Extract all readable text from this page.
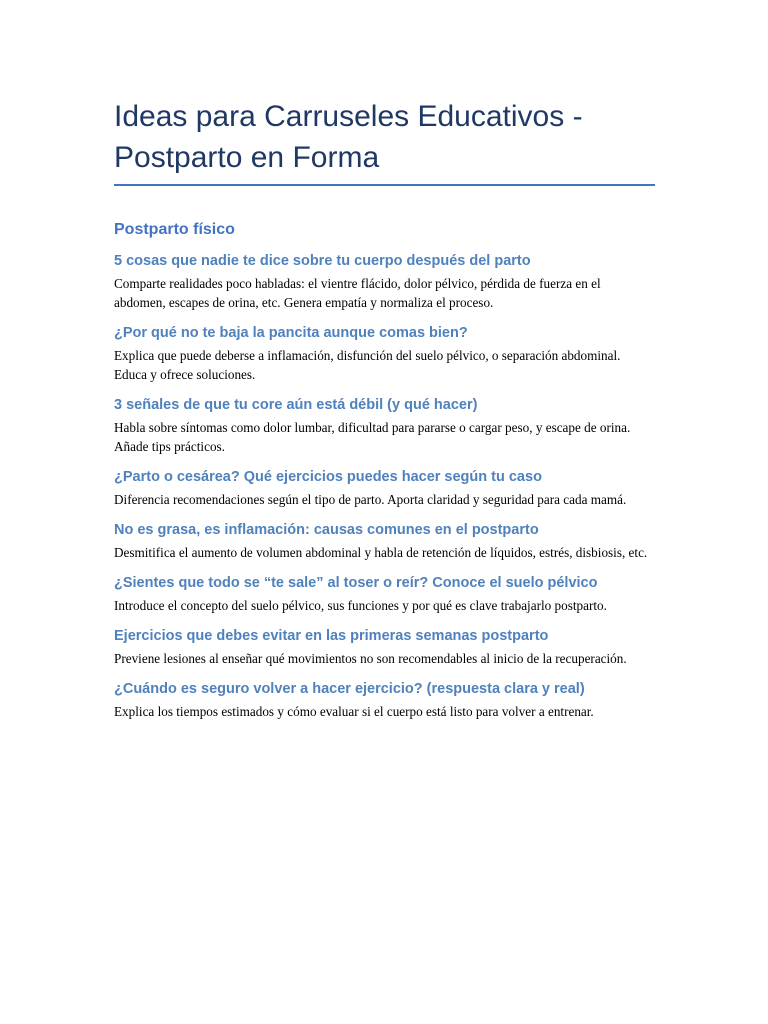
Ideas para Carruseles Educativos - Postparto en Forma
Postparto físico
5 cosas que nadie te dice sobre tu cuerpo después del parto

Comparte realidades poco habladas: el vientre flácido, dolor pélvico, pérdida de fuerza en el abdomen, escapes de orina, etc. Genera empatía y normaliza el proceso.

¿Por qué no te baja la pancita aunque comas bien?

Explica que puede deberse a inflamación, disfunción del suelo pélvico, o separación abdominal. Educa y ofrece soluciones.

3 señales de que tu core aún está débil (y qué hacer)

Habla sobre síntomas como dolor lumbar, dificultad para pararse o cargar peso, y escape de orina. Añade tips prácticos.

¿Parto o cesárea? Qué ejercicios puedes hacer según tu caso

Diferencia recomendaciones según el tipo de parto. Aporta claridad y seguridad para cada mamá.

No es grasa, es inflamación: causas comunes en el postparto

Desmitifica el aumento de volumen abdominal y habla de retención de líquidos, estrés, disbiosis, etc.

¿Sientes que todo se “te sale” al toser o reír? Conoce el suelo pélvico

Introduce el concepto del suelo pélvico, sus funciones y por qué es clave trabajarlo postparto.

Ejercicios que debes evitar en las primeras semanas postparto

Previene lesiones al enseñar qué movimientos no son recomendables al inicio de la recuperación.

¿Cuándo es seguro volver a hacer ejercicio? (respuesta clara y real)

Explica los tiempos estimados y cómo evaluar si el cuerpo está listo para volver a entrenar.
